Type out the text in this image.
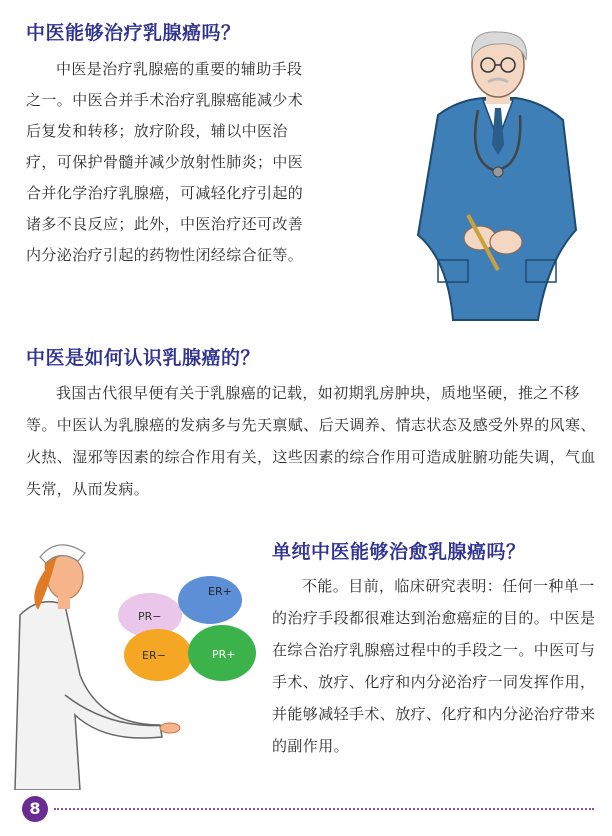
中医能够治疗乳腺癌吗？

中医是治疗乳腺癌的重要的辅助手段之一。中医合并手术治疗乳腺癌能减少术后复发和转移；放疗阶段，辅以中医治疗，可保护骨髓并减少放射性肺炎；中医合并化学治疗乳腺癌，可减轻化疗引起的诸多不良反应；此外，中医治疗还可改善内分泌治疗引起的药物性闭经综合征等。

中医是如何认识乳腺癌的？

我国古代很早便有关于乳腺癌的记载，如初期乳房肿块，质地坚硬，推之不移等。中医认为乳腺癌的发病多与先天禀赋、后天调养、情志状态及感受外界的风寒、火热、湿邪等因素的综合作用有关，这些因素的综合作用可造成脏腑功能失调，气血失常，从而发病。

PR−
ER+
ER−	PR+
单纯中医能够治愈乳腺癌吗？

不能。目前，临床研究表明：任何一种单一的治疗手段都很难达到治愈癌症的目的。中医是在综合治疗乳腺癌过程中的手段之一。中医可与手术、放疗、化疗和内分泌治疗一同发挥作用，并能够减轻手术、放疗、化疗和内分泌治疗带来的副作用。

8
